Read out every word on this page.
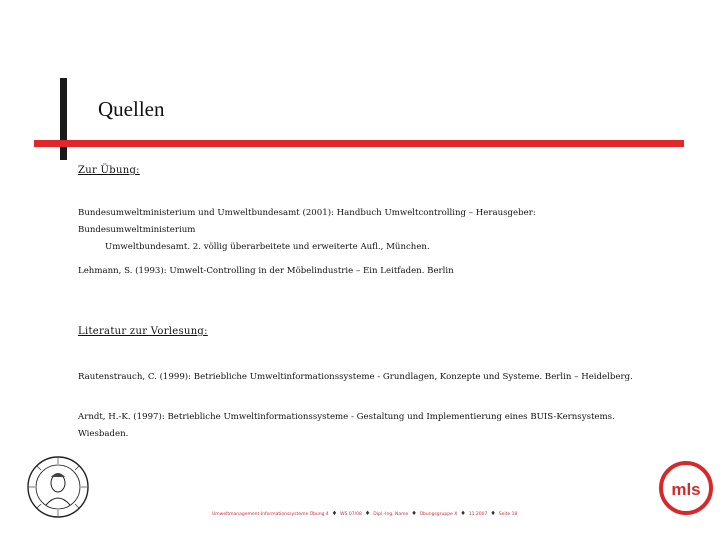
Quellen
Zur Übung:
Bundesumweltministerium und Umweltbundesamt (2001): Handbuch Umweltcontrolling – Herausgeber: Bundesumweltministerium
Umweltbundesamt. 2. völlig überarbeitete und erweiterte Aufl., München.
Lehmann, S. (1993): Umwelt-Controlling in der Möbelindustrie – Ein Leitfaden. Berlin
Literatur zur Vorlesung:
Rautenstrauch, C. (1999): Betriebliche Umweltinformationssysteme - Grundlagen, Konzepte und Systeme. Berlin – Heidelberg.
Arndt, H.-K. (1997): Betriebliche Umweltinformationssysteme - Gestaltung und Implementierung eines BUIS-Kernsystems. Wiesbaden.
Umweltmanagement-Informationssysteme Übung 4 ♦ WS 07/08 ♦ Dipl.-Ing. Name ♦ Übungsgruppe X ♦ 11.2007 ♦ Seite 18
mls
